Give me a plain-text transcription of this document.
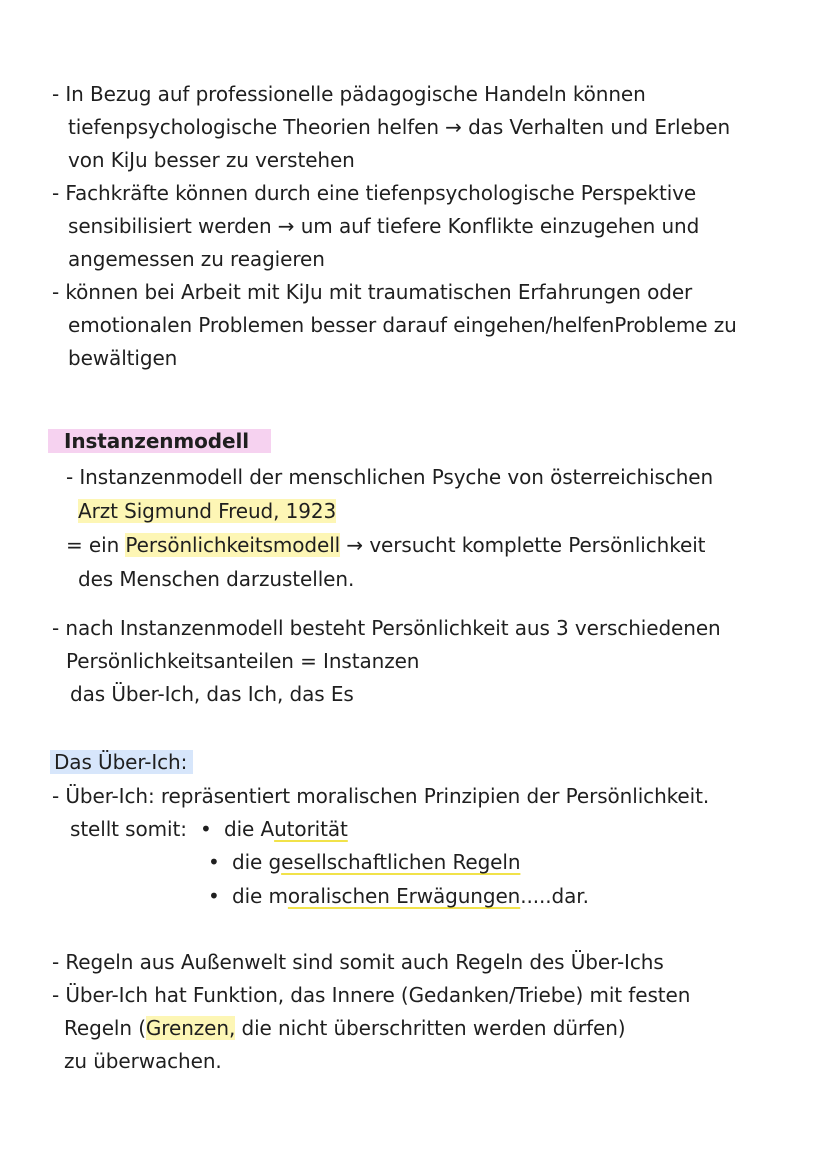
- In Bezug auf professionelle pädagogische Handeln können
tiefenpsychologische Theorien helfen → das Verhalten und Erleben
von KiJu besser zu verstehen
- Fachkräfte können durch eine tiefenpsychologische Perspektive
sensibilisiert werden → um auf tiefere Konflikte einzugehen und
angemessen zu reagieren
- können bei Arbeit mit KiJu mit traumatischen Erfahrungen oder
emotionalen Problemen besser darauf eingehen/helfenProbleme zu
bewältigen
Instanzenmodell
- Instanzenmodell der menschlichen Psyche von österreichischen
Arzt Sigmund Freud, 1923
= ein Persönlichkeitsmodell → versucht komplette Persönlichkeit
des Menschen darzustellen.
- nach Instanzenmodell besteht Persönlichkeit aus 3 verschiedenen
Persönlichkeitsanteilen = Instanzen
das Über-Ich, das Ich, das Es
Das Über-Ich:
- Über-Ich: repräsentiert moralischen Prinzipien der Persönlichkeit.
stellt somit: • die Autorität
• die gesellschaftlichen Regeln
• die moralischen Erwägungen.....dar.
- Regeln aus Außenwelt sind somit auch Regeln des Über-Ichs
- Über-Ich hat Funktion, das Innere (Gedanken/Triebe) mit festen
Regeln (Grenzen, die nicht überschritten werden dürfen)
zu überwachen.
